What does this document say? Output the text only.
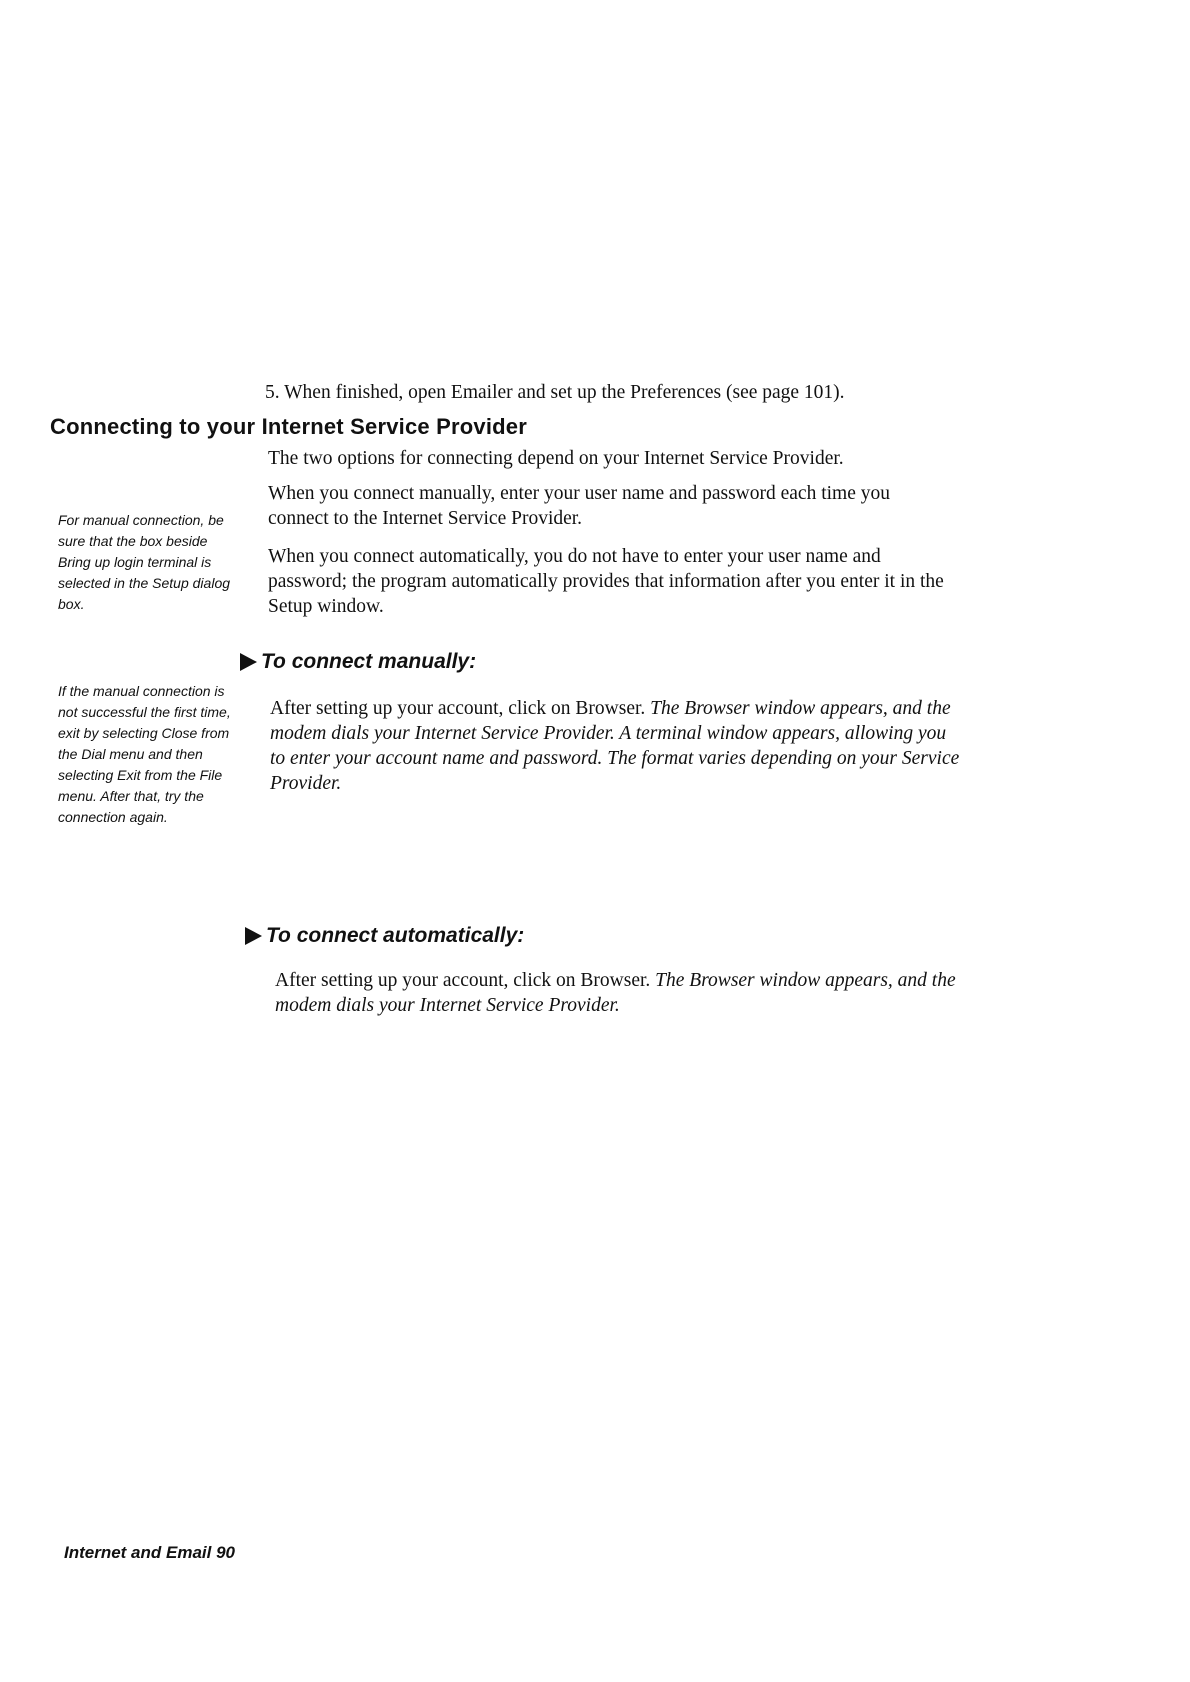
5. When finished, open Emailer and set up the Preferences (see page 101).

Connecting to your Internet Service Provider

The two options for connecting depend on your Internet Service Provider.

When you connect manually, enter your user name and password each time you connect to the Internet Service Provider.

When you connect automatically, you do not have to enter your user name and password; the program automatically provides that information after you enter it in the Setup window.

For manual connection, be sure that the box beside Bring up login terminal is selected in the Setup dialog box.

If the manual connection is not successful the first time, exit by selecting Close from the Dial menu and then selecting Exit from the File menu. After that, try the connection again.

To connect manually:

After setting up your account, click on Browser. The Browser window appears, and the modem dials your Internet Service Provider. A terminal window appears, allowing you to enter your account name and password. The format varies depending on your Service Provider.

To connect automatically:

After setting up your account, click on Browser. The Browser window appears, and the modem dials your Internet Service Provider.

Internet and Email 90
